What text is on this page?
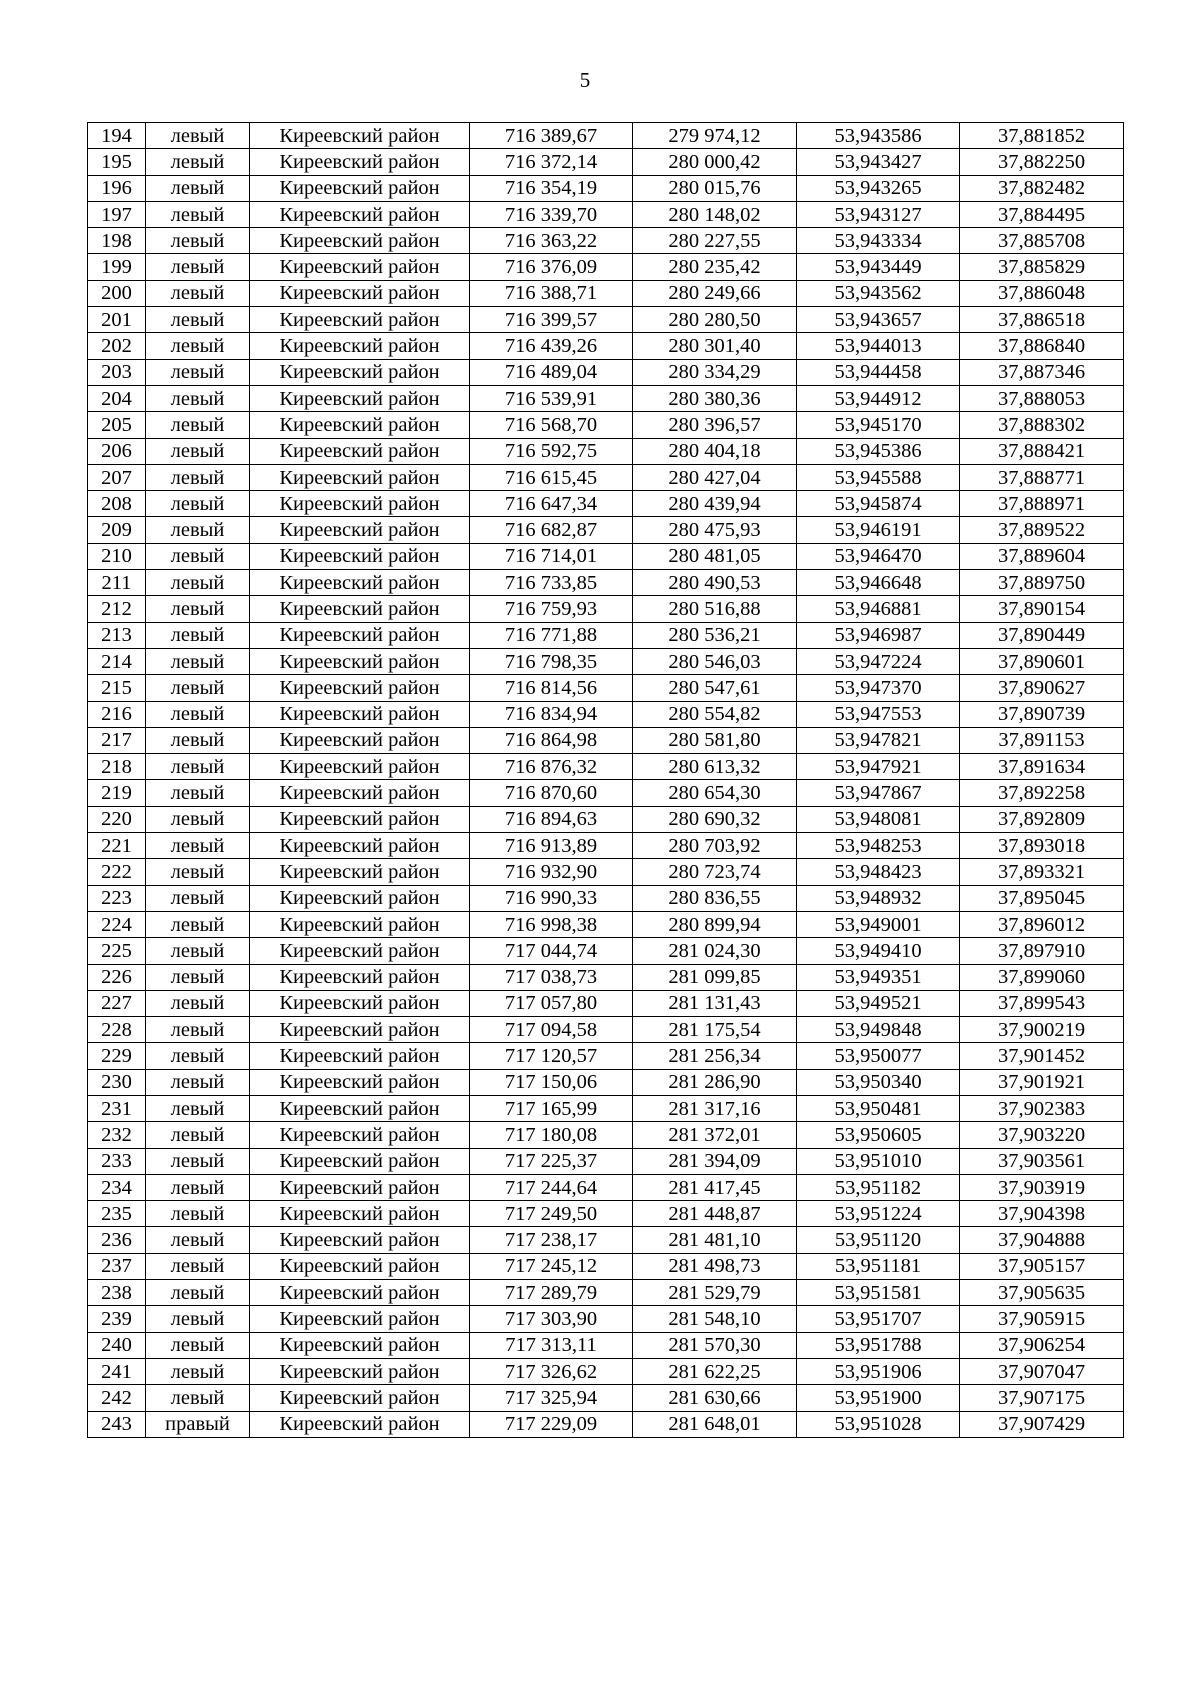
5
194	левый	Киреевский район	716 389,67	279 974,12	53,943586	37,881852
195	левый	Киреевский район	716 372,14	280 000,42	53,943427	37,882250
196	левый	Киреевский район	716 354,19	280 015,76	53,943265	37,882482
197	левый	Киреевский район	716 339,70	280 148,02	53,943127	37,884495
198	левый	Киреевский район	716 363,22	280 227,55	53,943334	37,885708
199	левый	Киреевский район	716 376,09	280 235,42	53,943449	37,885829
200	левый	Киреевский район	716 388,71	280 249,66	53,943562	37,886048
201	левый	Киреевский район	716 399,57	280 280,50	53,943657	37,886518
202	левый	Киреевский район	716 439,26	280 301,40	53,944013	37,886840
203	левый	Киреевский район	716 489,04	280 334,29	53,944458	37,887346
204	левый	Киреевский район	716 539,91	280 380,36	53,944912	37,888053
205	левый	Киреевский район	716 568,70	280 396,57	53,945170	37,888302
206	левый	Киреевский район	716 592,75	280 404,18	53,945386	37,888421
207	левый	Киреевский район	716 615,45	280 427,04	53,945588	37,888771
208	левый	Киреевский район	716 647,34	280 439,94	53,945874	37,888971
209	левый	Киреевский район	716 682,87	280 475,93	53,946191	37,889522
210	левый	Киреевский район	716 714,01	280 481,05	53,946470	37,889604
211	левый	Киреевский район	716 733,85	280 490,53	53,946648	37,889750
212	левый	Киреевский район	716 759,93	280 516,88	53,946881	37,890154
213	левый	Киреевский район	716 771,88	280 536,21	53,946987	37,890449
214	левый	Киреевский район	716 798,35	280 546,03	53,947224	37,890601
215	левый	Киреевский район	716 814,56	280 547,61	53,947370	37,890627
216	левый	Киреевский район	716 834,94	280 554,82	53,947553	37,890739
217	левый	Киреевский район	716 864,98	280 581,80	53,947821	37,891153
218	левый	Киреевский район	716 876,32	280 613,32	53,947921	37,891634
219	левый	Киреевский район	716 870,60	280 654,30	53,947867	37,892258
220	левый	Киреевский район	716 894,63	280 690,32	53,948081	37,892809
221	левый	Киреевский район	716 913,89	280 703,92	53,948253	37,893018
222	левый	Киреевский район	716 932,90	280 723,74	53,948423	37,893321
223	левый	Киреевский район	716 990,33	280 836,55	53,948932	37,895045
224	левый	Киреевский район	716 998,38	280 899,94	53,949001	37,896012
225	левый	Киреевский район	717 044,74	281 024,30	53,949410	37,897910
226	левый	Киреевский район	717 038,73	281 099,85	53,949351	37,899060
227	левый	Киреевский район	717 057,80	281 131,43	53,949521	37,899543
228	левый	Киреевский район	717 094,58	281 175,54	53,949848	37,900219
229	левый	Киреевский район	717 120,57	281 256,34	53,950077	37,901452
230	левый	Киреевский район	717 150,06	281 286,90	53,950340	37,901921
231	левый	Киреевский район	717 165,99	281 317,16	53,950481	37,902383
232	левый	Киреевский район	717 180,08	281 372,01	53,950605	37,903220
233	левый	Киреевский район	717 225,37	281 394,09	53,951010	37,903561
234	левый	Киреевский район	717 244,64	281 417,45	53,951182	37,903919
235	левый	Киреевский район	717 249,50	281 448,87	53,951224	37,904398
236	левый	Киреевский район	717 238,17	281 481,10	53,951120	37,904888
237	левый	Киреевский район	717 245,12	281 498,73	53,951181	37,905157
238	левый	Киреевский район	717 289,79	281 529,79	53,951581	37,905635
239	левый	Киреевский район	717 303,90	281 548,10	53,951707	37,905915
240	левый	Киреевский район	717 313,11	281 570,30	53,951788	37,906254
241	левый	Киреевский район	717 326,62	281 622,25	53,951906	37,907047
242	левый	Киреевский район	717 325,94	281 630,66	53,951900	37,907175
243	правый	Киреевский район	717 229,09	281 648,01	53,951028	37,907429
